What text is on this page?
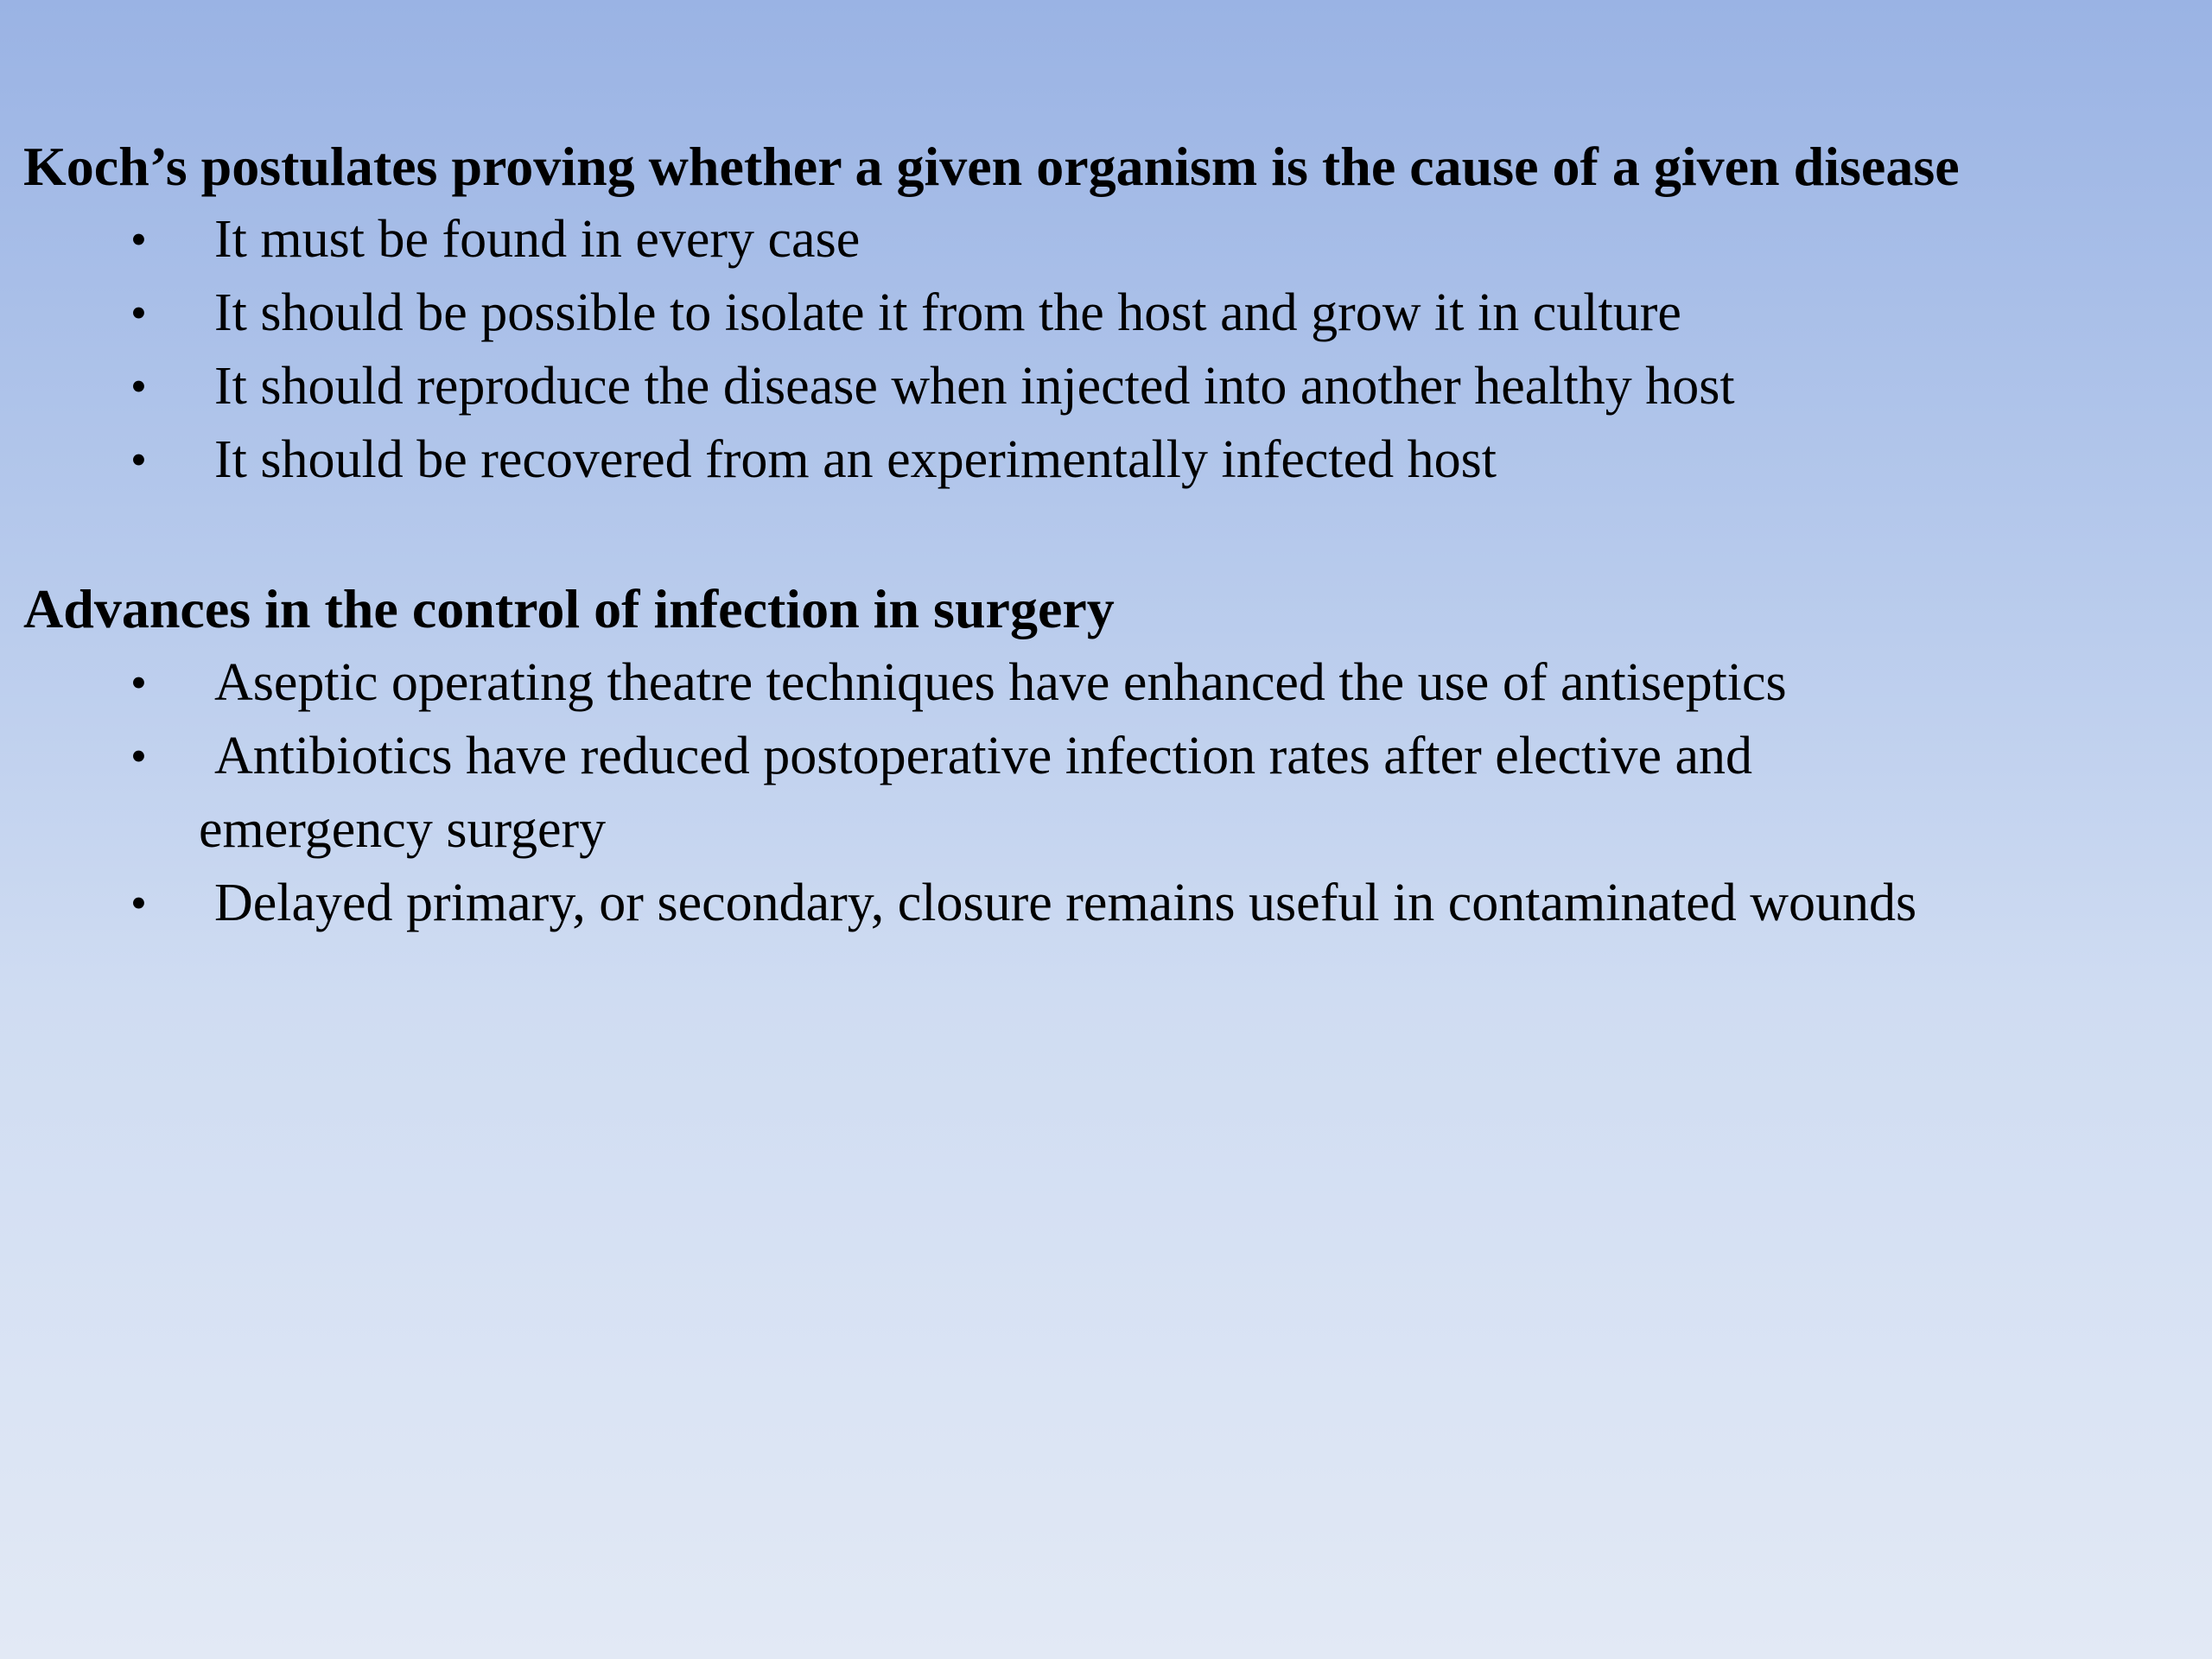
Koch’s postulates proving whether a given organism is the cause of a given disease
• It must be found in every case
• It should be possible to isolate it from the host and grow it in culture
• It should reproduce the disease when injected into another healthy host
• It should be recovered from an experimentally infected host
Advances in the control of infection in surgery
• Aseptic operating theatre techniques have enhanced the use of antiseptics
• Antibiotics have reduced postoperative infection rates after elective and
emergency surgery
• Delayed primary, or secondary, closure remains useful in contaminated wounds
